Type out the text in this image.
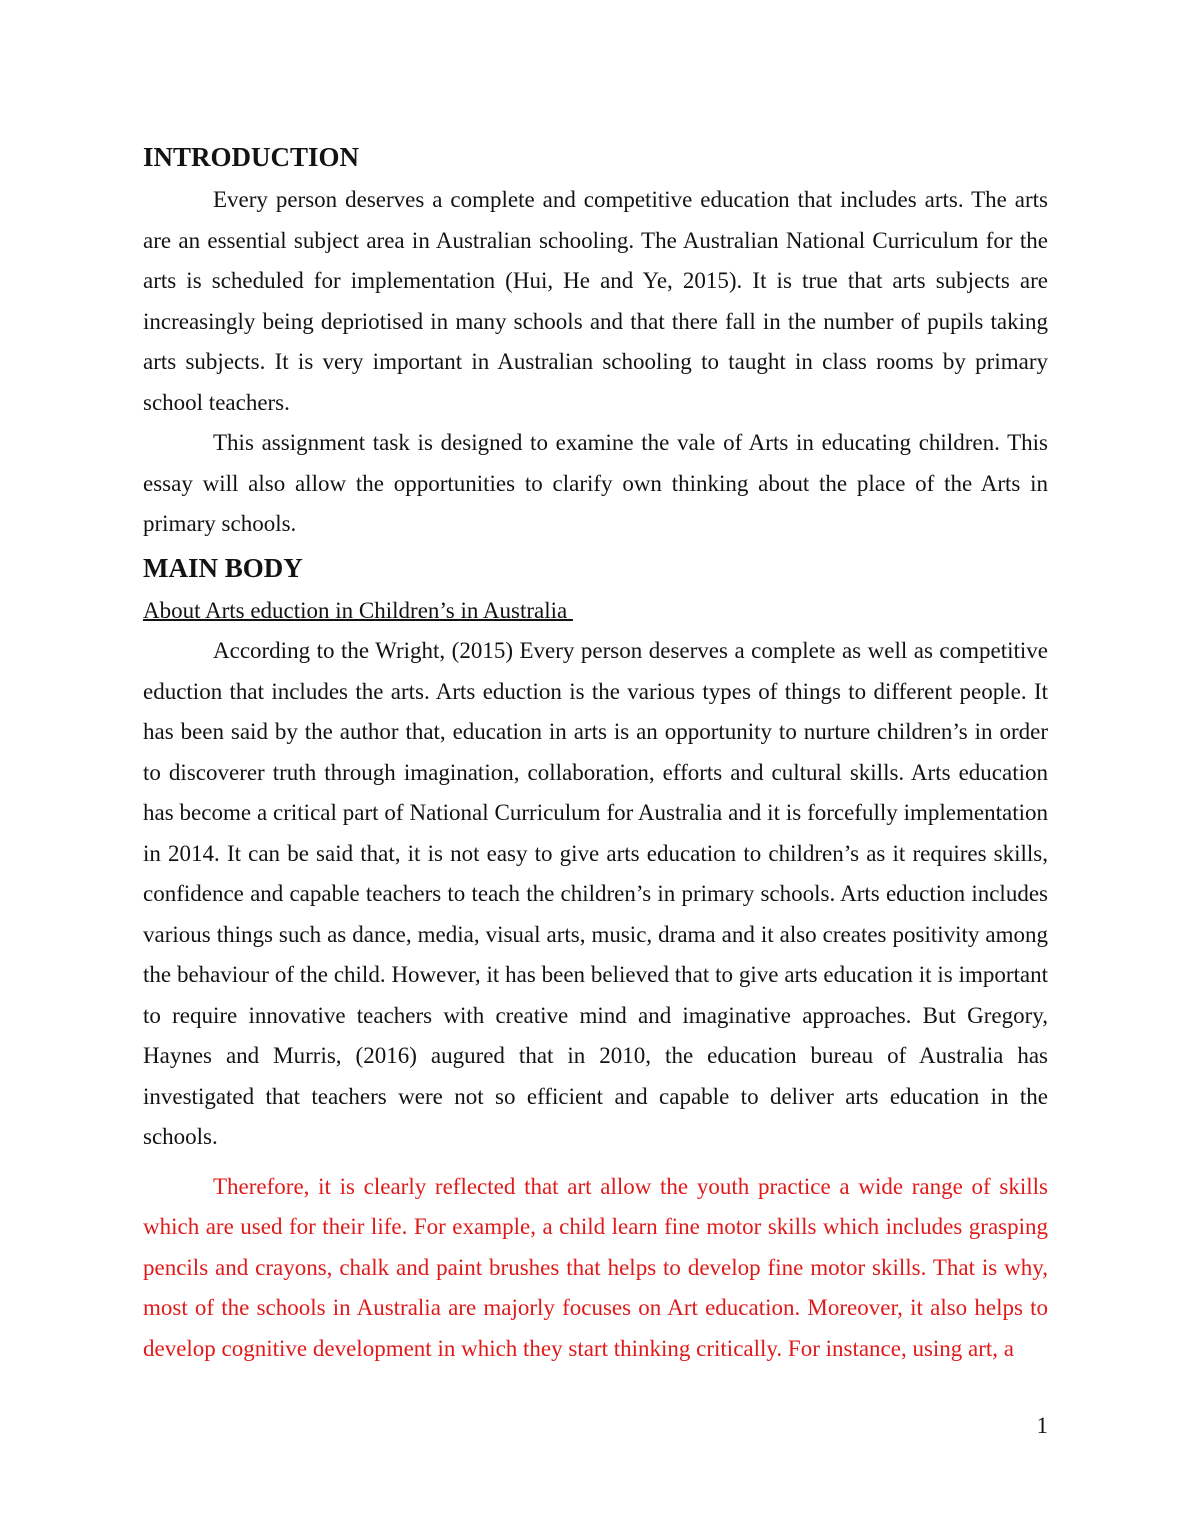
INTRODUCTION

Every person deserves a complete and competitive education that includes arts. The arts are an essential subject area in Australian schooling. The Australian National Curriculum for the arts is scheduled for implementation (Hui, He and Ye, 2015). It is true that arts subjects are increasingly being depriotised in many schools and that there fall in the number of pupils taking arts subjects. It is very important in Australian schooling to taught in class rooms by primary school teachers.

This assignment task is designed to examine the vale of Arts in educating children. This essay will also allow the opportunities to clarify own thinking about the place of the Arts in primary schools.

MAIN BODY

About Arts eduction in Children’s in Australia

According to the Wright, (2015) Every person deserves a complete as well as competitive eduction that includes the arts. Arts eduction is the various types of things to different people. It has been said by the author that, education in arts is an opportunity to nurture children’s in order to discoverer truth through imagination, collaboration, efforts and cultural skills. Arts education has become a critical part of National Curriculum for Australia and it is forcefully implementation in 2014. It can be said that, it is not easy to give arts education to children’s as it requires skills, confidence and capable teachers to teach the children’s in primary schools. Arts eduction includes various things such as dance, media, visual arts, music, drama and it also creates positivity among the behaviour of the child. However, it has been believed that to give arts education it is important to require innovative teachers with creative mind and imaginative approaches. But Gregory, Haynes and Murris, (2016) augured that in 2010, the education bureau of Australia has investigated that teachers were not so efficient and capable to deliver arts education in the schools.

Therefore, it is clearly reflected that art allow the youth practice a wide range of skills which are used for their life. For example, a child learn fine motor skills which includes grasping pencils and crayons, chalk and paint brushes that helps to develop fine motor skills. That is why, most of the schools in Australia are majorly focuses on Art education. Moreover, it also helps to develop cognitive development in which they start thinking critically. For instance, using art, a

1
